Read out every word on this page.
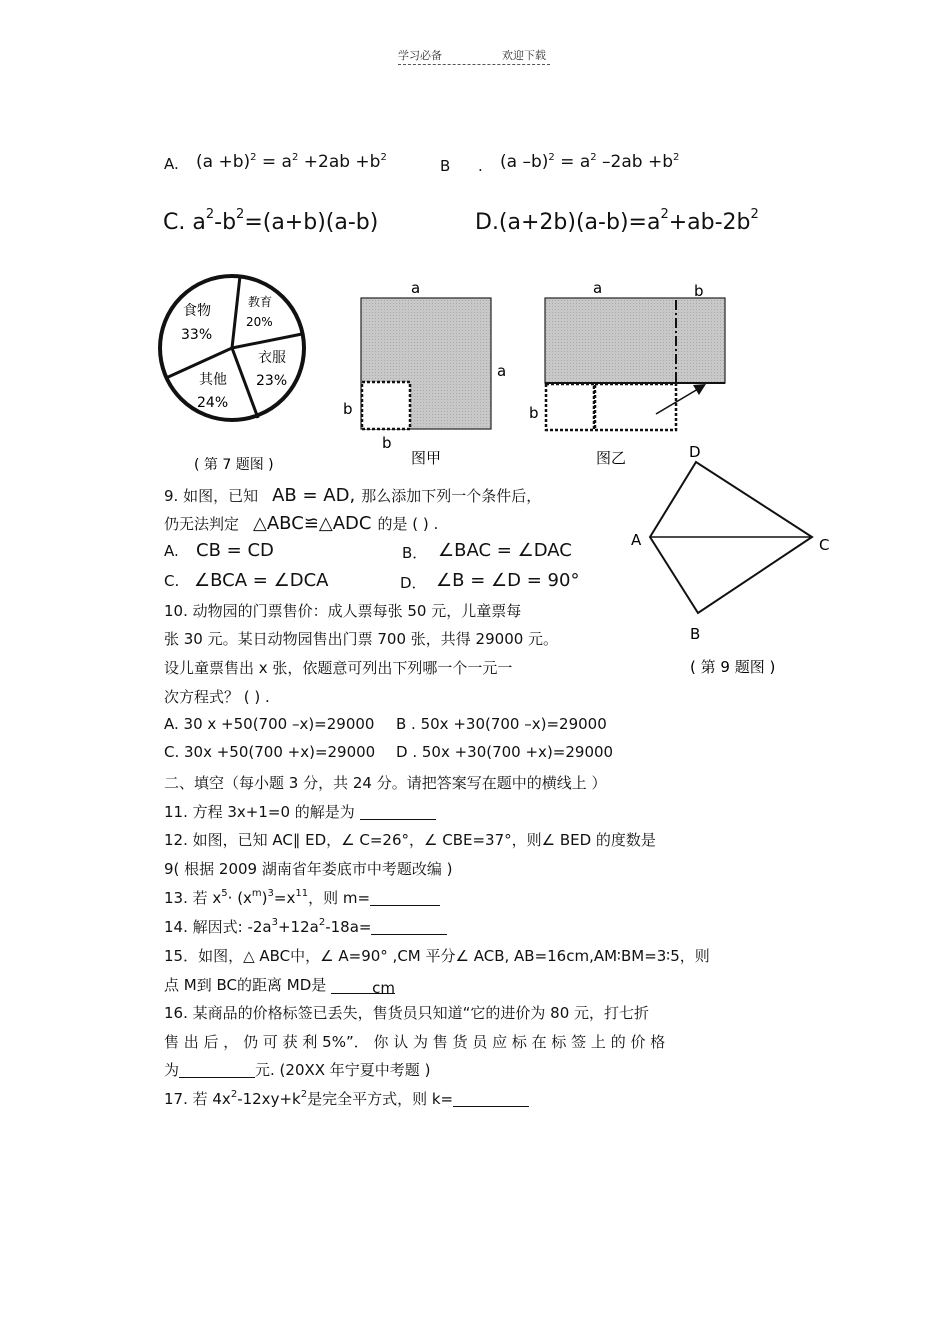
学习必备	欢迎下载
A. $(a +b)^2 = a^2 +2ab +b^2$	B . (a $-b)^2 = a^2$ $-2ab +b^2$
C. $a^2-b^2=(a+b)(a-b)$	$D.(a+2b)(a-b)=a^2+ab-2b^2$
食物
33%
教育
20%
衣服
23%
其他
24%
( 第 7 题图 )
a
a
b
b
图甲
a	b
b
图乙	D
A	C
B
( 第 9 题图 )
9. 如图，已知 AB = AD, 那么添加下列一个条件后，
仍无法判定 △ABC≌△ADC 的是 ( ) .
A. CB = CD	B． ∠BAC = ∠DAC
C. ∠BCA = ∠DCA	D． ∠B = ∠D = 90°
10. 动物园的门票售价：成人票每张 50 元，儿童票每
张 30 元。某日动物园售出门票 700 张，共得 29000 元。
设儿童票售出 x 张，依题意可列出下列哪一个一元一
次方程式？ ( ) .
A. 30 x +50(700 –x)=29000 B . 50x +30(700 –x)=29000
C. 30x +50(700 +x)=29000 D . 50x +30(700 +x)=29000
二、填空（每小题 3 分，共 24 分。请把答案写在题中的横线上 ）
11. 方程 3x+1=0 的解是为
12. 如图，已知 AC∥ ED，∠ C=26°，∠ CBE=37°，则∠ BED 的度数是
9( 根据 2009 湖南省年娄底市中考题改编 )
13. 若 $x^5\cdot (x^m)^3=x^{11}$，则 m=
14. 解因式: $-2a^3+12a^2-18a=$
15．如图，△ ABC中，∠ A=90° ,CM 平分∠ ACB, AB=16cm,AM∶BM=3∶5，则
点 M到 BC的距离 MD是	cm
16. 某商品的价格标签已丢失，售货员只知道“它的进价为 80 元，打七折
售 出 后 ， 仍 可 获 利 5%”． 你 认 为 售 货 员 应 标 在 标 签 上 的 价 格
为	元. (20XX 年宁夏中考题 )
17. 若 $4x^2-12xy+k^2$是完全平方式，则 k=
